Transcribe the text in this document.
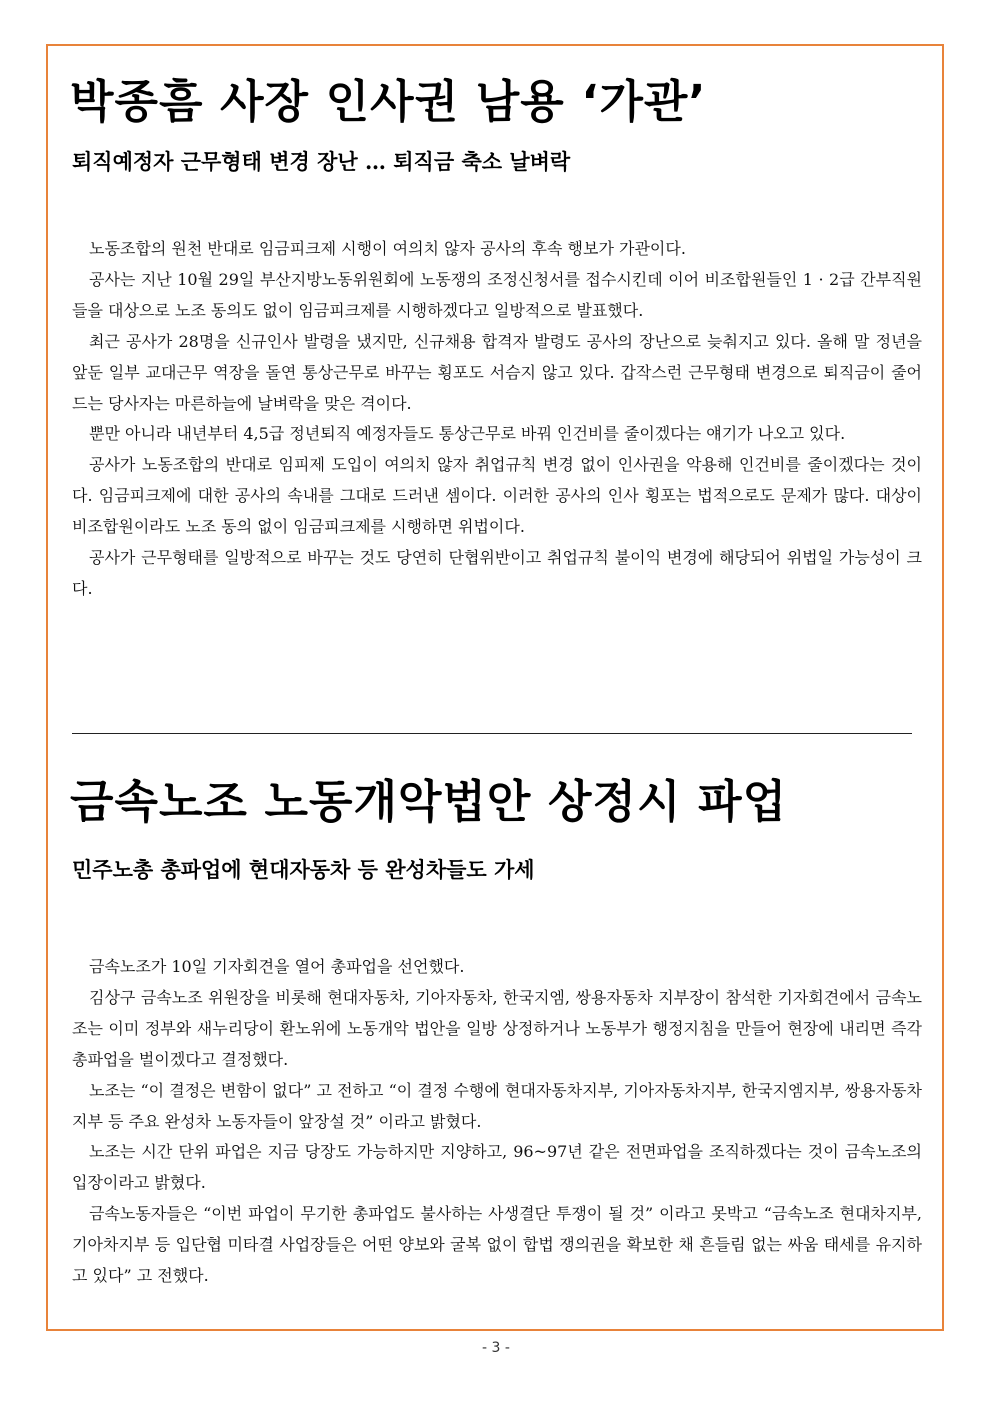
박종흠 사장 인사권 남용 ‘가관’
퇴직예정자 근무형태 변경 장난 … 퇴직금 축소 날벼락

노동조합의 원천 반대로 임금피크제 시행이 여의치 않자 공사의 후속 행보가 가관이다.

공사는 지난 10월 29일 부산지방노동위원회에 노동쟁의 조정신청서를 접수시킨데 이어 비조합원들인 1 · 2급 간부직원들을 대상으로 노조 동의도 없이 임금피크제를 시행하겠다고 일방적으로 발표했다.

최근 공사가 28명을 신규인사 발령을 냈지만, 신규채용 합격자 발령도 공사의 장난으로 늦춰지고 있다. 올해 말 정년을 앞둔 일부 교대근무 역장을 돌연 통상근무로 바꾸는 횡포도 서슴지 않고 있다. 갑작스런 근무형태 변경으로 퇴직금이 줄어드는 당사자는 마른하늘에 날벼락을 맞은 격이다.

뿐만 아니라 내년부터 4,5급 정년퇴직 예정자들도 통상근무로 바꿔 인건비를 줄이겠다는 얘기가 나오고 있다.

공사가 노동조합의 반대로 임피제 도입이 여의치 않자 취업규칙 변경 없이 인사권을 악용해 인건비를 줄이겠다는 것이다. 임금피크제에 대한 공사의 속내를 그대로 드러낸 셈이다. 이러한 공사의 인사 횡포는 법적으로도 문제가 많다. 대상이 비조합원이라도 노조 동의 없이 임금피크제를 시행하면 위법이다.

공사가 근무형태를 일방적으로 바꾸는 것도 당연히 단협위반이고 취업규칙 불이익 변경에 해당되어 위법일 가능성이 크다.

금속노조 노동개악법안 상정시 파업
민주노총 총파업에 현대자동차 등 완성차들도 가세

금속노조가 10일 기자회견을 열어 총파업을 선언했다.

김상구 금속노조 위원장을 비롯해 현대자동차, 기아자동차, 한국지엠, 쌍용자동차 지부장이 참석한 기자회견에서 금속노조는 이미 정부와 새누리당이 환노위에 노동개악 법안을 일방 상정하거나 노동부가 행정지침을 만들어 현장에 내리면 즉각 총파업을 벌이겠다고 결정했다.

노조는 “이 결정은 변함이 없다” 고 전하고 “이 결정 수행에 현대자동차지부, 기아자동차지부, 한국지엠지부, 쌍용자동차지부 등 주요 완성차 노동자들이 앞장설 것” 이라고 밝혔다.

노조는 시간 단위 파업은 지금 당장도 가능하지만 지양하고, 96~97년 같은 전면파업을 조직하겠다는 것이 금속노조의 입장이라고 밝혔다.

금속노동자들은 “이번 파업이 무기한 총파업도 불사하는 사생결단 투쟁이 될 것” 이라고 못박고 “금속노조 현대차지부, 기아차지부 등 입단협 미타결 사업장들은 어떤 양보와 굴복 없이 합법 쟁의권을 확보한 채 흔들림 없는 싸움 태세를 유지하고 있다” 고 전했다.

- 3 -
